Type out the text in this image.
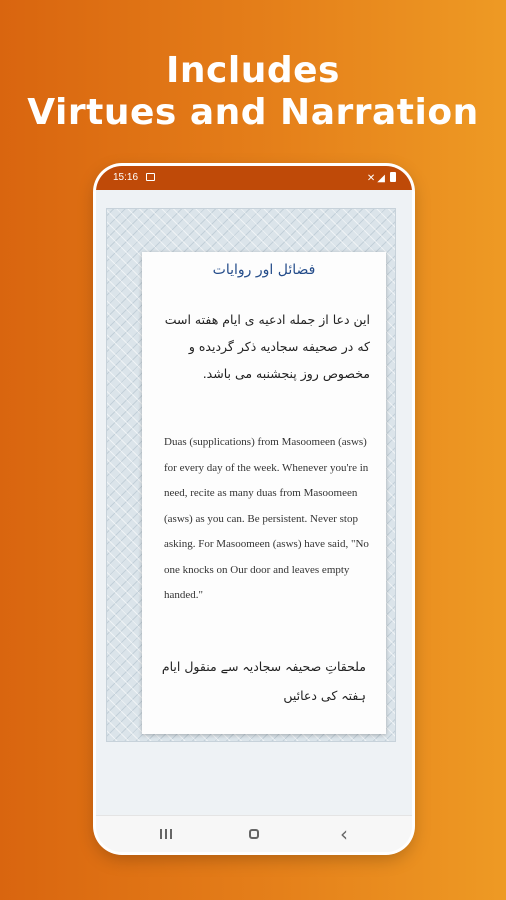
Includes
Virtues and Narration
15:16	✕◢
فضائل اور روایات
این دعا از جمله ادعیه ی ایام هفته است که در صحیفه سجادیه ذکر گردیده و مخصوص روز پنجشنبه می باشد.
Duas (supplications) from Masoomeen (asws) for every day of the week. Whenever you're in need, recite as many duas from Masoomeen (asws) as you can. Be persistent. Never stop asking. For Masoomeen (asws) have said, "No one knocks on Our door and leaves empty handed."
ملحقاتِ صحیفہ سجادیہ سے منقول ایام ہفتہ کی دعائیں
‹
